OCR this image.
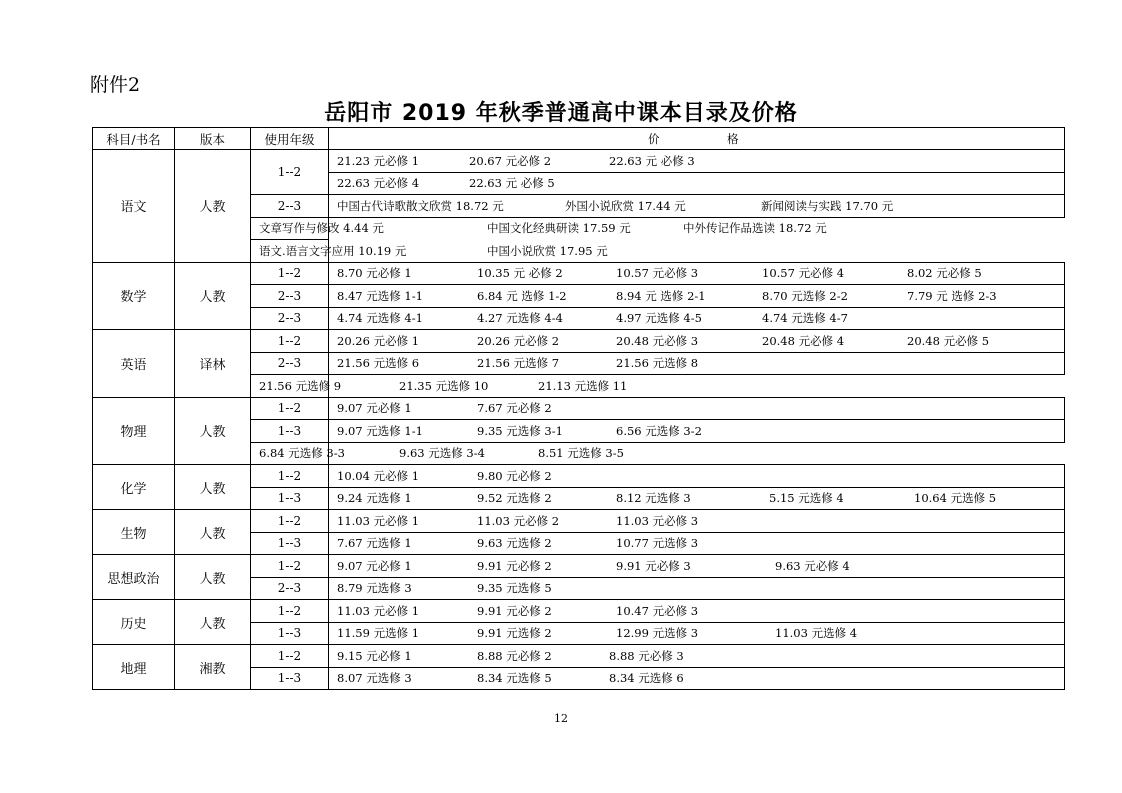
附件2
岳阳市 2019 年秋季普通高中课本目录及价格
科目/书名	版本	使用年级	价 格

语文	人教	1--2	21.23 元必修 1 20.67 元必修 2 22.63 元 必修 3

			22.63 元必修 4 22.63 元 必修 5

		2--3	中国古代诗歌散文欣赏 18.72 元 外国小说欣赏 17.44 元 新闻阅读与实践 17.70 元

		文章写作与修改 4.44 元 中国文化经典研读 17.59 元 中外传记作品选读 18.72 元	

		语文.语言文字应用 10.19 元 中国小说欣赏 17.95 元	

数学	人教	1--2	8.70 元必修 1 10.35 元 必修 2 10.57 元必修 3 10.57 元必修 4 8.02 元必修 5

		2--3	8.47 元选修 1-1 6.84 元 选修 1-2 8.94 元 选修 2-1 8.70 元选修 2-2 7.79 元 选修 2-3

		2--3	4.74 元选修 4-1 4.27 元选修 4-4 4.97 元选修 4-5 4.74 元选修 4-7

英语	译林	1--2	20.26 元必修 1 20.26 元必修 2 20.48 元必修 3 20.48 元必修 4 20.48 元必修 5

		2--3	21.56 元选修 6 21.56 元选修 7 21.56 元选修 8

		21.56 元选修 9 21.35 元选修 10 21.13 元选修 11	

物理	人教	1--2	9.07 元必修 1 7.67 元必修 2

		1--3	9.07 元选修 1-1 9.35 元选修 3-1 6.56 元选修 3-2

		6.84 元选修 3-3 9.63 元选修 3-4 8.51 元选修 3-5	

化学	人教	1--2	10.04 元必修 1 9.80 元必修 2

		1--3	9.24 元选修 1 9.52 元选修 2 8.12 元选修 3 5.15 元选修 4 10.64 元选修 5

生物	人教	1--2	11.03 元必修 1 11.03 元必修 2 11.03 元必修 3

		1--3	7.67 元选修 1 9.63 元选修 2 10.77 元选修 3

思想政治	人教	1--2	9.07 元必修 1 9.91 元必修 2 9.91 元必修 3 9.63 元必修 4

		2--3	8.79 元选修 3 9.35 元选修 5

历史	人教	1--2	11.03 元必修 1 9.91 元必修 2 10.47 元必修 3

		1--3	11.59 元选修 1 9.91 元选修 2 12.99 元选修 3 11.03 元选修 4

地理	湘教	1--2	9.15 元必修 1 8.88 元必修 2 8.88 元必修 3

		1--3	8.07 元选修 3 8.34 元选修 5 8.34 元选修 6
12
